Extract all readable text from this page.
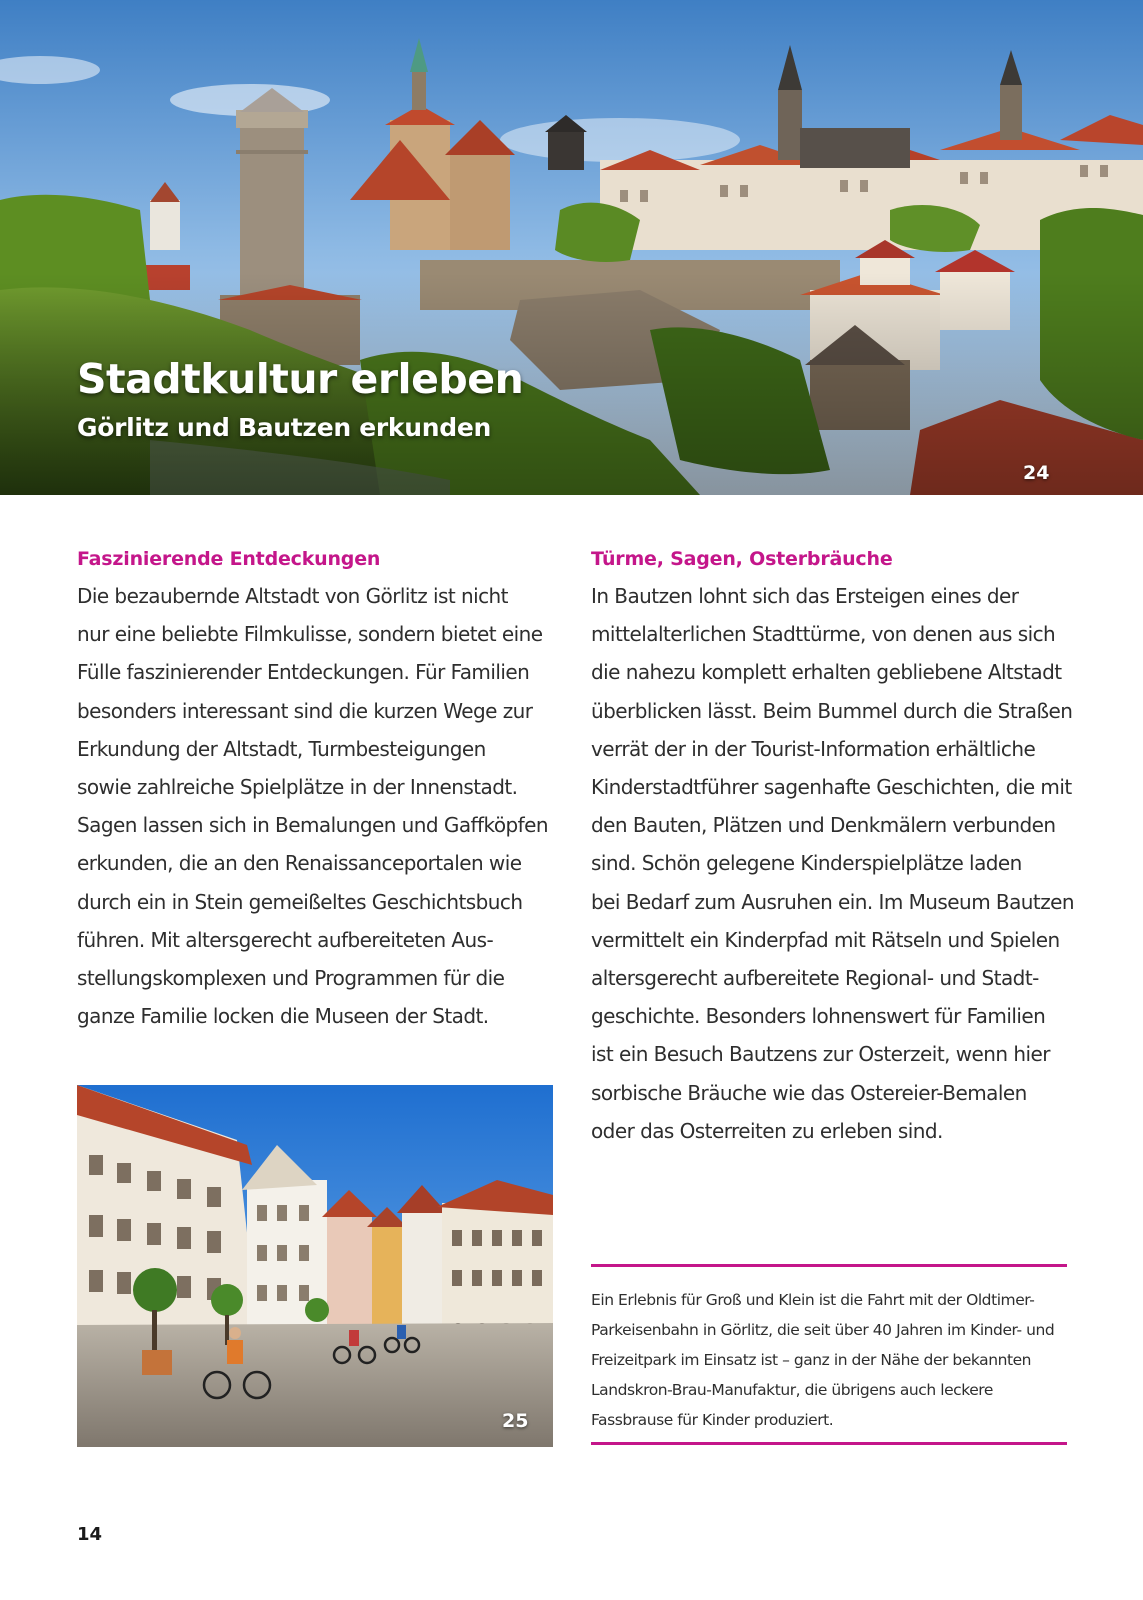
Stadtkultur erleben
Görlitz und Bautzen erkunden
24
Faszinierende Entdeckungen

Die bezaubernde Altstadt von Görlitz ist nicht
nur eine beliebte Filmkulisse, sondern bietet eine
Fülle faszinierender Entdeckungen. Für Familien
besonders interessant sind die kurzen Wege zur
Erkundung der Altstadt, Turmbesteigungen
sowie zahlreiche Spielplätze in der Innenstadt.
Sagen lassen sich in Bemalungen und Gaffköpfen
erkunden, die an den Renaissanceportalen wie
durch ein in Stein gemeißeltes Geschichtsbuch
führen. Mit altersgerecht aufbereiteten Aus-
stellungskomplexen und Programmen für die
ganze Familie locken die Museen der Stadt.

Türme, Sagen, Osterbräuche

In Bautzen lohnt sich das Ersteigen eines der
mittelalterlichen Stadttürme, von denen aus sich
die nahezu komplett erhalten gebliebene Altstadt
überblicken lässt. Beim Bummel durch die Straßen
verrät der in der Tourist-Information erhältliche
Kinderstadtführer sagenhafte Geschichten, die mit
den Bauten, Plätzen und Denkmälern verbunden
sind. Schön gelegene Kinderspielplätze laden
bei Bedarf zum Ausruhen ein. Im Museum Bautzen
vermittelt ein Kinderpfad mit Rätseln und Spielen
altersgerecht aufbereitete Regional- und Stadt-
geschichte. Besonders lohnenswert für Familien
ist ein Besuch Bautzens zur Osterzeit, wenn hier
sorbische Bräuche wie das Ostereier-Bemalen
oder das Osterreiten zu erleben sind.

25

Ein Erlebnis für Groß und Klein ist die Fahrt mit der Oldtimer-
Parkeisenbahn in Görlitz, die seit über 40 Jahren im Kinder- und
Freizeitpark im Einsatz ist – ganz in der Nähe der bekannten
Landskron-Brau-Manufaktur, die übrigens auch leckere
Fassbrause für Kinder produziert.

14
